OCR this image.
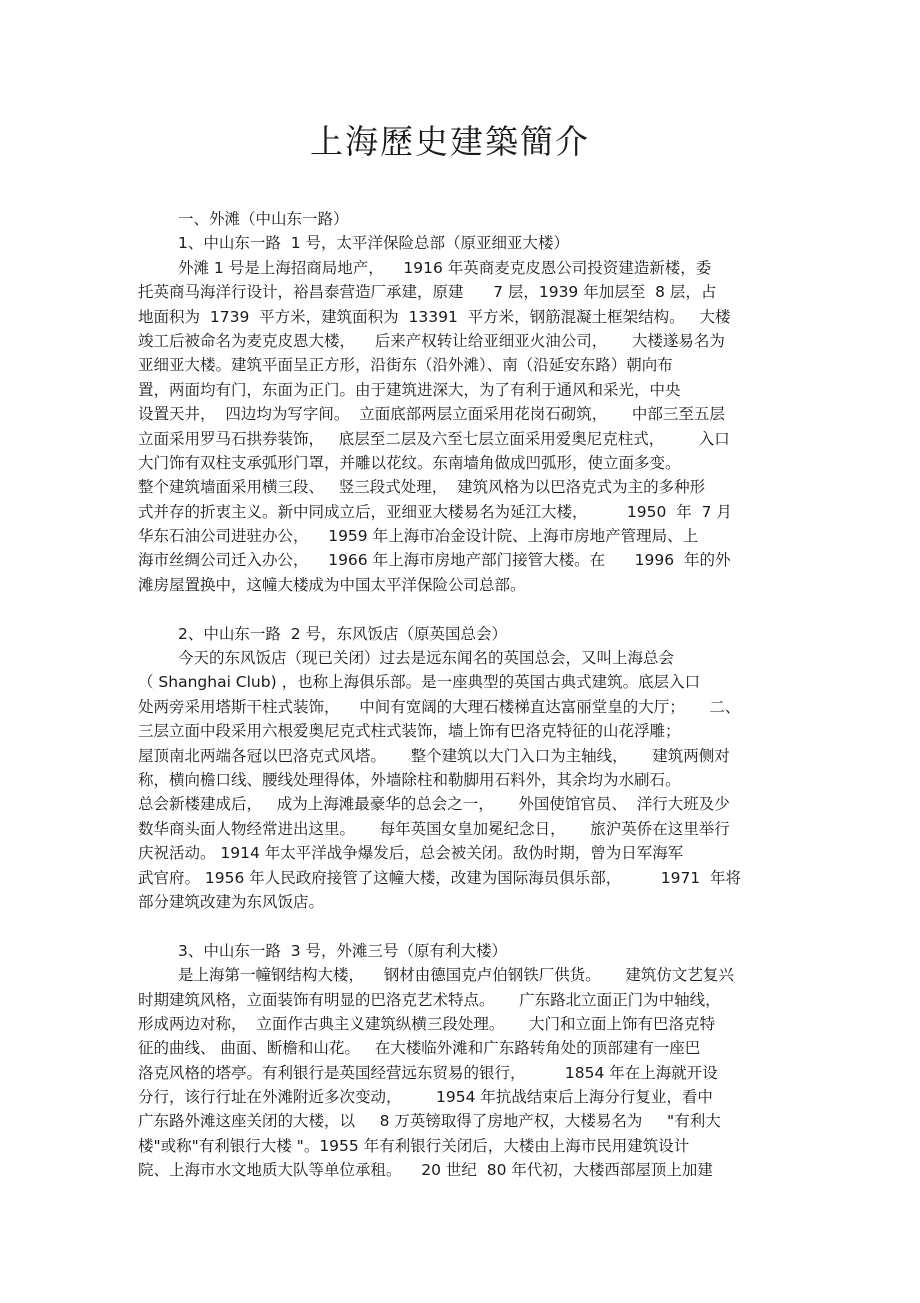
上海歷史建築簡介
一、外滩（中山东一路）
1、中山东一路  1 号，太平洋保险总部（原亚细亚大楼）
外滩 1 号是上海招商局地产，    1916 年英商麦克皮恩公司投资建造新楼，委
托英商马海洋行设计，裕昌泰营造厂承建，原建      7 层，1939 年加层至  8 层，占
地面积为  1739  平方米，建筑面积为  13391  平方米，钢筋混凝土框架结构。   大楼
竣工后被命名为麦克皮恩大楼，    后来产权转让给亚细亚火油公司，     大楼遂易名为
亚细亚大楼。建筑平面呈正方形，沿街东（沿外滩）、南（沿延安东路）朝向布
置，两面均有门，东面为正门。由于建筑进深大，为了有利于通风和采光，中央
设置天井，  四边均为写字间。  立面底部两层立面采用花岗石砌筑，     中部三至五层
立面采用罗马石拱券装饰，   底层至二层及六至七层立面采用爱奥尼克柱式，       入口
大门饰有双柱支承弧形门罩，并雕以花纹。东南墙角做成凹弧形，使立面多变。
整个建筑墙面采用横三段、   竖三段式处理，  建筑风格为以巴洛克式为主的多种形
式并存的折衷主义。新中同成立后，亚细亚大楼易名为延江大楼，        1950  年  7 月
华东石油公司进驻办公，    1959 年上海市冶金设计院、上海市房地产管理局、上
海市丝绸公司迁入办公，    1966 年上海市房地产部门接管大楼。在      1996  年的外
滩房屋置换中，这幢大楼成为中国太平洋保险公司总部。
2、中山东一路  2 号，东风饭店（原英国总会）
今天的东风饭店（现已关闭）过去是远东闻名的英国总会，又叫上海总会
（ Shanghai Club) ，也称上海俱乐部。是一座典型的英国古典式建筑。底层入口
处两旁采用塔斯干柱式装饰，    中间有宽阔的大理石楼梯直达富丽堂皇的大厅；     二、
三层立面中段采用六根爱奥尼克式柱式装饰，墙上饰有巴洛克特征的山花浮雕；
屋顶南北两端各冠以巴洛克式风塔。     整个建筑以大门入口为主轴线，     建筑两侧对
称，横向檐口线、腰线处理得体，外墙除柱和勒脚用石料外，其余均为水刷石。
总会新楼建成后，   成为上海滩最豪华的总会之一，     外国使馆官员、  洋行大班及少
数华商头面人物经常进出这里。     每年英国女皇加冕纪念日，     旅沪英侨在这里举行
庆祝活动。 1914 年太平洋战争爆发后，总会被关闭。敌伪时期，曾为日军海军
武官府。 1956 年人民政府接管了这幢大楼，改建为国际海员俱乐部，        1971  年将
部分建筑改建为东风饭店。
3、中山东一路  3 号，外滩三号（原有利大楼）
是上海第一幢钢结构大楼，    钢材由德国克卢伯钢铁厂供货。     建筑仿文艺复兴
时期建筑风格，立面装饰有明显的巴洛克艺术特点。     广东路北立面正门为中轴线，
形成两边对称，  立面作古典主义建筑纵横三段处理。     大门和立面上饰有巴洛克特
征的曲线、 曲面、断檐和山花。   在大楼临外滩和广东路转角处的顶部建有一座巴
洛克风格的塔亭。有利银行是英国经营远东贸易的银行，        1854 年在上海就开设
分行，该行行址在外滩附近多次变动，       1954 年抗战结束后上海分行复业，看中
广东路外滩这座关闭的大楼，以     8 万英镑取得了房地产权，大楼易名为     "有利大
楼"或称"有利银行大楼 "。1955 年有利银行关闭后，大楼由上海市民用建筑设计
院、上海市水文地质大队等单位承租。    20 世纪  80 年代初，大楼西部屋顶上加建
